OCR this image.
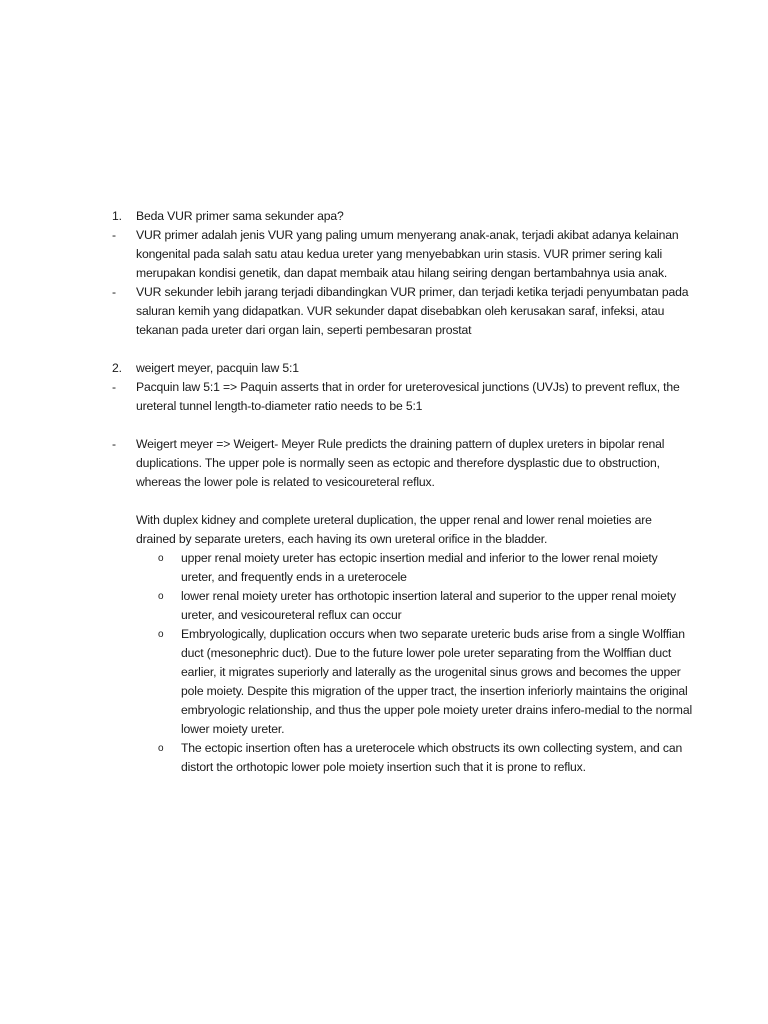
1. Beda VUR primer sama sekunder apa?
- VUR primer adalah jenis VUR yang paling umum menyerang anak-anak, terjadi akibat adanya kelainan kongenital pada salah satu atau kedua ureter yang menyebabkan urin stasis. VUR primer sering kali merupakan kondisi genetik, dan dapat membaik atau hilang seiring dengan bertambahnya usia anak.
- VUR sekunder lebih jarang terjadi dibandingkan VUR primer, dan terjadi ketika terjadi penyumbatan pada saluran kemih yang didapatkan. VUR sekunder dapat disebabkan oleh kerusakan saraf, infeksi, atau tekanan pada ureter dari organ lain, seperti pembesaran prostat
2. weigert meyer, pacquin law 5:1
- Pacquin law 5:1 => Paquin asserts that in order for ureterovesical junctions (UVJs) to prevent reflux, the ureteral tunnel length-to-diameter ratio needs to be 5:1
- Weigert meyer => Weigert- Meyer Rule predicts the draining pattern of duplex ureters in bipolar renal duplications. The upper pole is normally seen as ectopic and therefore dysplastic due to obstruction, whereas the lower pole is related to vesicoureteral reflux.
With duplex kidney and complete ureteral duplication, the upper renal and lower renal moieties are drained by separate ureters, each having its own ureteral orifice in the bladder.
o upper renal moiety ureter has ectopic insertion medial and inferior to the lower renal moiety ureter, and frequently ends in a ureterocele
o lower renal moiety ureter has orthotopic insertion lateral and superior to the upper renal moiety ureter, and vesicoureteral reflux can occur
o Embryologically, duplication occurs when two separate ureteric buds arise from a single Wolffian duct (mesonephric duct). Due to the future lower pole ureter separating from the Wolffian duct earlier, it migrates superiorly and laterally as the urogenital sinus grows and becomes the upper pole moiety. Despite this migration of the upper tract, the insertion inferiorly maintains the original embryologic relationship, and thus the upper pole moiety ureter drains infero-medial to the normal lower moiety ureter.
o The ectopic insertion often has a ureterocele which obstructs its own collecting system, and can distort the orthotopic lower pole moiety insertion such that it is prone to reflux.
